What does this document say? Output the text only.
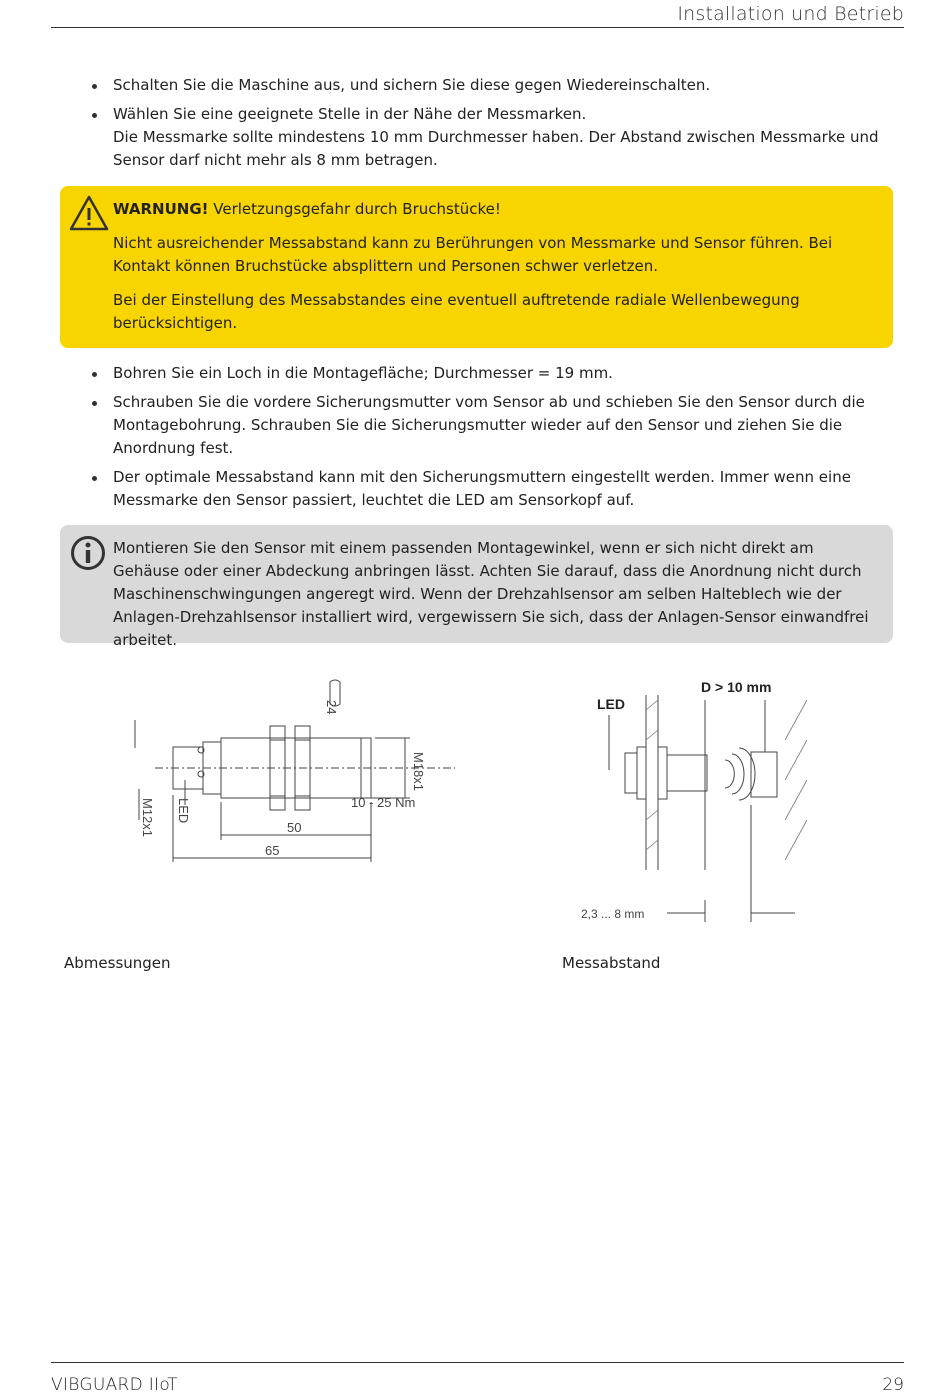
Installation und Betrieb
Schalten Sie die Maschine aus, und sichern Sie diese gegen Wiedereinschalten.
Wählen Sie eine geeignete Stelle in der Nähe der Messmarken.
Die Messmarke sollte mindestens 10 mm Durchmesser haben. Der Abstand zwischen Messmarke und Sensor darf nicht mehr als 8 mm betragen.

WARNUNG! Verletzungsgefahr durch Bruchstücke!

Nicht ausreichender Messabstand kann zu Berührungen von Messmarke und Sensor führen. Bei Kontakt können Bruchstücke absplittern und Personen schwer verletzen.

Bei der Einstellung des Messabstandes eine eventuell auftretende radiale Wellenbewegung berücksichtigen.

Bohren Sie ein Loch in die Montagefläche; Durchmesser = 19 mm.
Schrauben Sie die vordere Sicherungsmutter vom Sensor ab und schieben Sie den Sensor durch die Montagebohrung. Schrauben Sie die Sicherungsmutter wieder auf den Sensor und ziehen Sie die Anordnung fest.
Der optimale Messabstand kann mit den Sicherungsmuttern eingestellt werden. Immer wenn eine Messmarke den Sensor passiert, leuchtet die LED am Sensorkopf auf.
Montieren Sie den Sensor mit einem passenden Montagewinkel, wenn er sich nicht direkt am Gehäuse oder einer Abdeckung anbringen lässt. Achten Sie darauf, dass die Anordnung nicht durch Maschinenschwingungen angeregt wird. Wenn der Drehzahlsensor am selben Halteblech wie der Anlagen-Drehzahlsensor installiert wird, vergewissern Sie sich, dass der Anlagen-Sensor einwandfrei arbeitet.
M18x1
24
10 - 25 Nm
50
65
M12x1 LED
LED
D > 10 mm
2,3 ... 8 mm
Abmessungen	Messabstand
VIBGUARD IIoT	29
